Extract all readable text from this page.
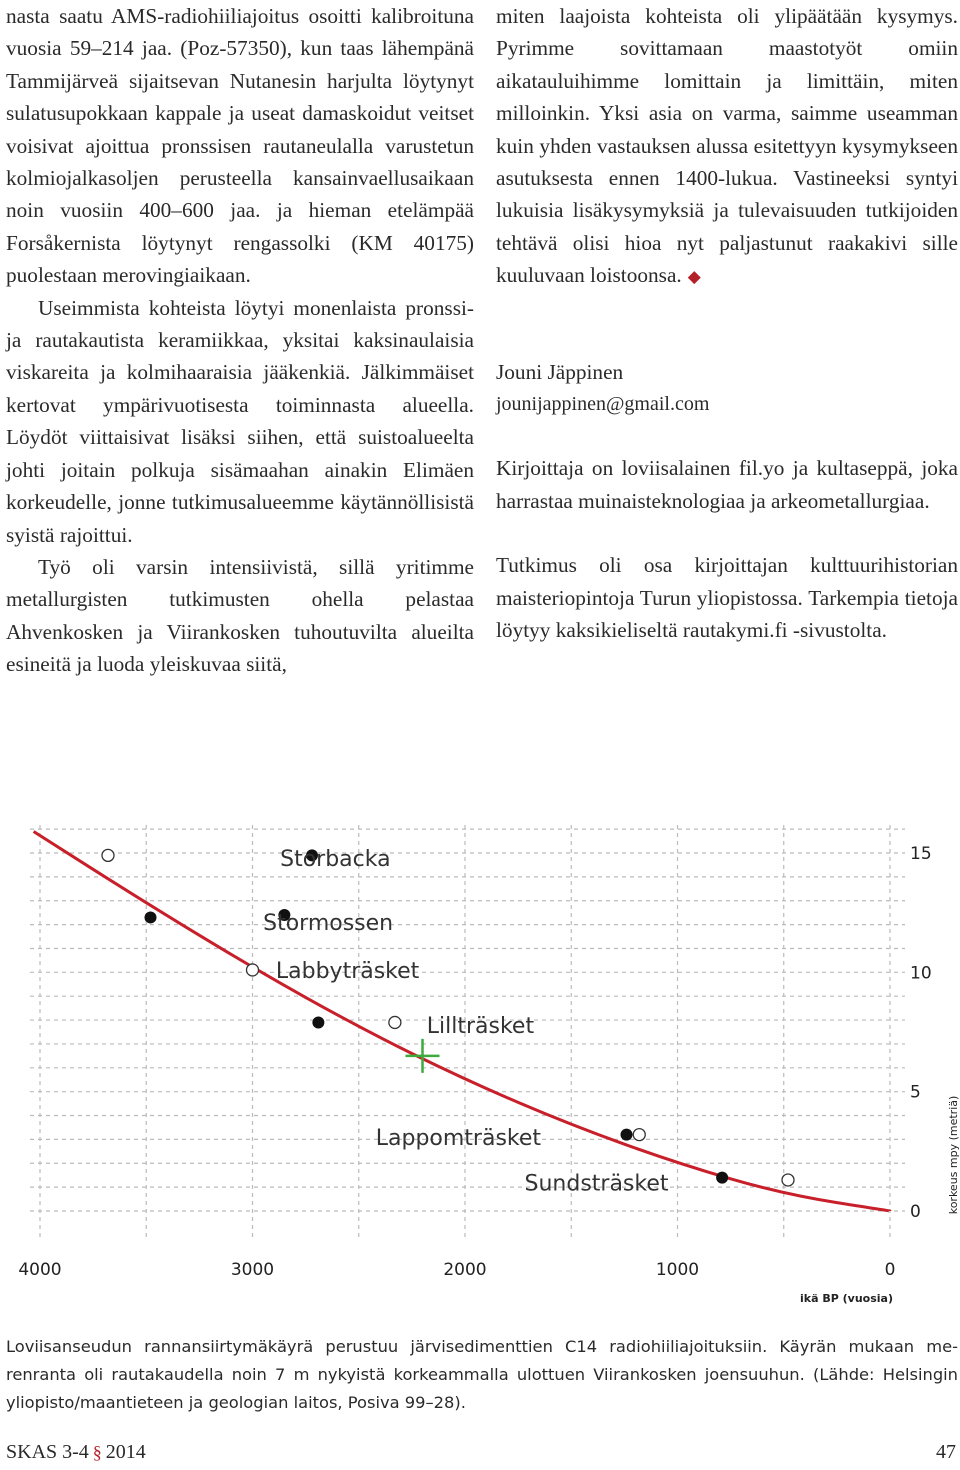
nasta saatu AMS-radiohiiliajoitus osoitti kalibroituna vuosia 59–214 jaa. (Poz-57350), kun taas lähempänä Tammijärveä sijaitsevan Nutanesin harjulta löytynyt sulatusupokkaan kappale ja useat damaskoidut veitset voisivat ajoittua pronssisen rautaneulalla varustetun kolmiojalkasoljen perusteella kansainvaellusaikaan noin vuosiin 400–600 jaa. ja hieman etelämpää Forsåkernista löytynyt rengassolki (KM 40175) puolestaan merovingiaikaan.

Useimmista kohteista löytyi monenlaista pronssi- ja rautakautista keramiikkaa, yksitai kaksinaulaisia viskareita ja kolmihaaraisia jääkenkiä. Jälkimmäiset kertovat ympärivuotisesta toiminnasta alueella. Löydöt viittaisivat lisäksi siihen, että suistoalueelta johti joitain polkuja sisämaahan ainakin Elimäen korkeudelle, jonne tutkimusalueemme käytännöllisistä syistä rajoittui.

Työ oli varsin intensiivistä, sillä yritimme metallurgisten tutkimusten ohella pelastaa Ahvenkosken ja Viirankosken tuhoutuvilta alueilta esineitä ja luoda yleiskuvaa siitä,

miten laajoista kohteista oli ylipäätään kysymys. Pyrimme sovittamaan maastotyöt omiin aikatauluihimme lomittain ja limittäin, miten milloinkin. Yksi asia on varma, saimme useamman kuin yhden vastauksen alussa esitettyyn kysymykseen asutuksesta ennen 1400-lukua. Vastineeksi syntyi lukuisia lisäkysymyksiä ja tulevaisuuden tutkijoiden tehtävä olisi hioa nyt paljastunut raakakivi sille kuuluvaan loistoonsa. ◆

Jouni Jäppinen

jounijappinen@gmail.com

Kirjoittaja on loviisalainen fil.yo ja kultaseppä, joka harrastaa muinaisteknologiaa ja arkeometallurgiaa.

Tutkimus oli osa kirjoittajan kulttuurihistorian maisteriopintoja Turun yliopistossa. Tarkempia tietoja löytyy kaksikieliseltä rautakymi.fi -sivustolta.

4000	3000	2000	1000	0
15
10
5
0
ikä BP (vuosia)
korkeus mpy (metriä)
Storbacka
Stormossen
Labbyträsket
Lillträsket
Lappomträsket
Sundsträsket

Loviisanseudun rannansiirtymäkäyrä perustuu järvisedimenttien C14 radiohiiliajoituksiin. Käyrän mukaan merenranta oli rautakaudella noin 7 m nykyistä korkeammalla ulottuen Viirankosken joensuuhun. (Lähde: Helsingin yliopisto/maantieteen ja geologian laitos, Posiva 99–28).

SKAS 3-4 § 2014	47
